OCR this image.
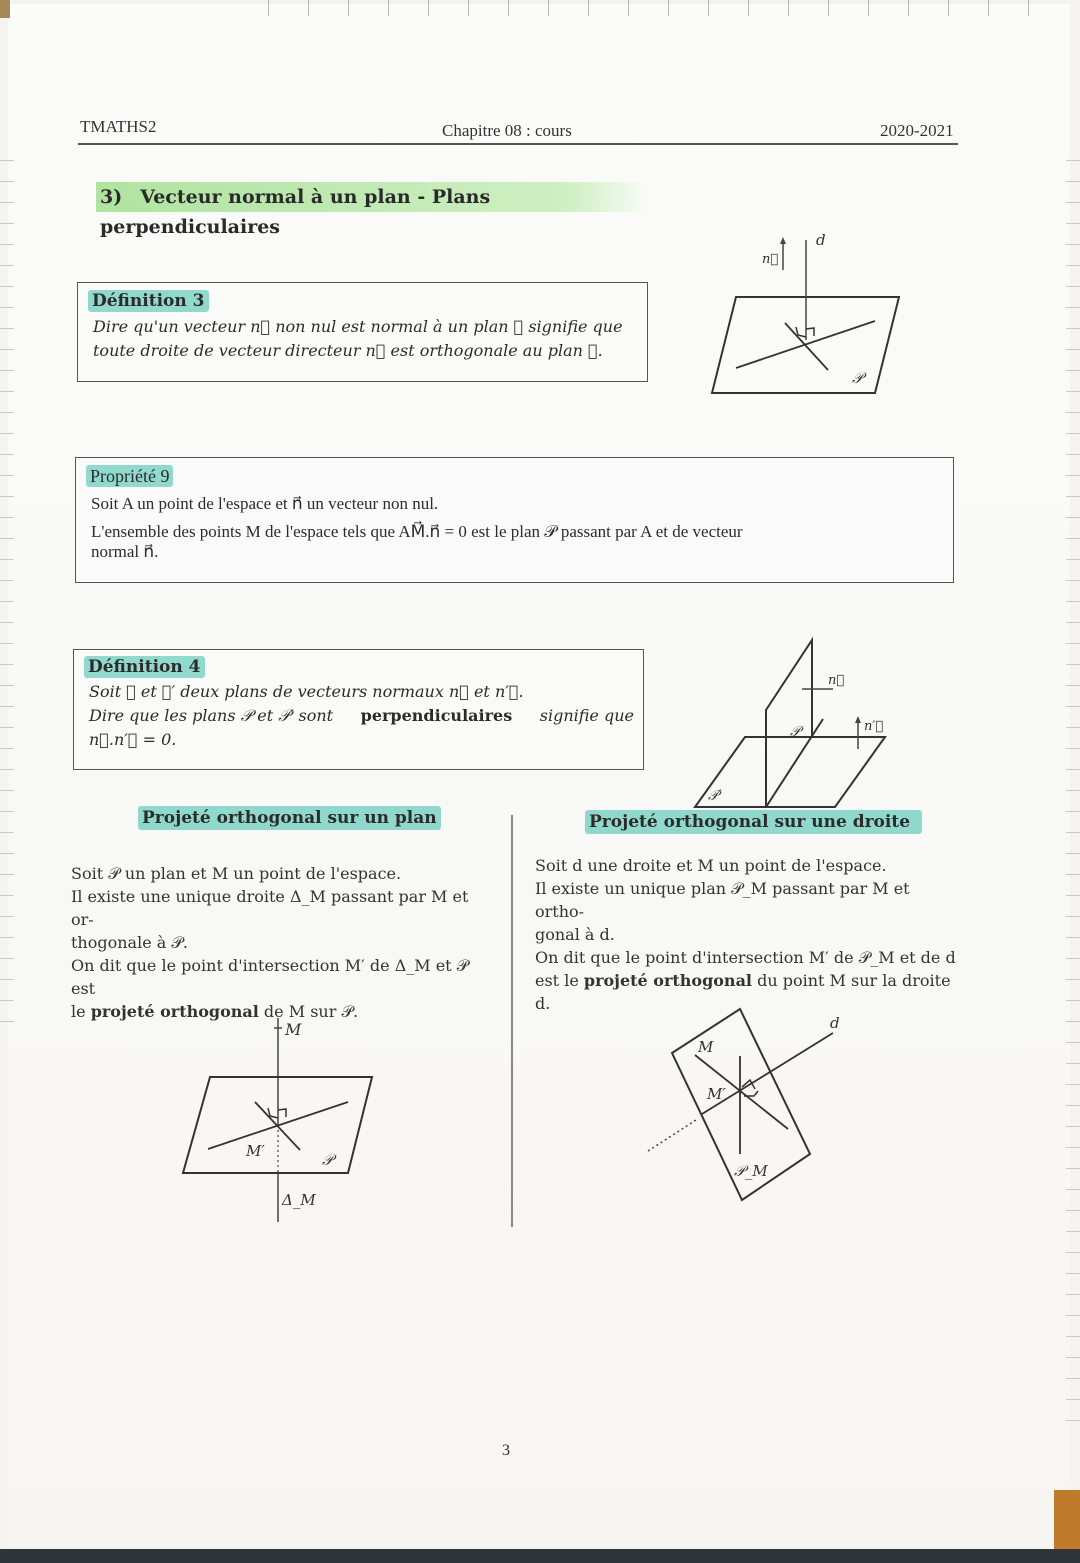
TMATHS2	Chapitre 08 : cours	2020-2021
3) Vecteur normal à un plan - Plans perpendiculaires
Définition 3
Dire qu'un vecteur n⃗ non nul est normal à un plan 𝒫 signifie que
toute droite de vecteur directeur n⃗ est orthogonale au plan 𝒫.
n⃗
d
𝒫
Propriété 9
Soit A un point de l'espace et n⃗ un vecteur non nul.
L'ensemble des points M de l'espace tels que AM⃗.n⃗ = 0 est le plan 𝒫 passant par A et de vecteur
normal n⃗.
Définition 4
Soit 𝒫 et 𝒫′ deux plans de vecteurs normaux n⃗ et n′⃗.
Dire que les plans 𝒫 et 𝒫′ sont perpendiculaires signifie que
n⃗.n′⃗ = 0.
n⃗
n′⃗
𝒫
𝒫′
Projeté orthogonal sur un plan
Soit 𝒫 un plan et M un point de l'espace.
Il existe une unique droite Δ_M passant par M et or-
thogonale à 𝒫.
On dit que le point d'intersection M′ de Δ_M et 𝒫 est
le projeté orthogonal de M sur 𝒫.
Projeté orthogonal sur une droite
Soit d une droite et M un point de l'espace.
Il existe un unique plan 𝒫_M passant par M et ortho-
gonal à d.
On dit que le point d'intersection M′ de 𝒫_M et de d
est le projeté orthogonal du point M sur la droite d.
M
M′	𝒫
Δ_M
d
M
M′
𝒫_M
3
